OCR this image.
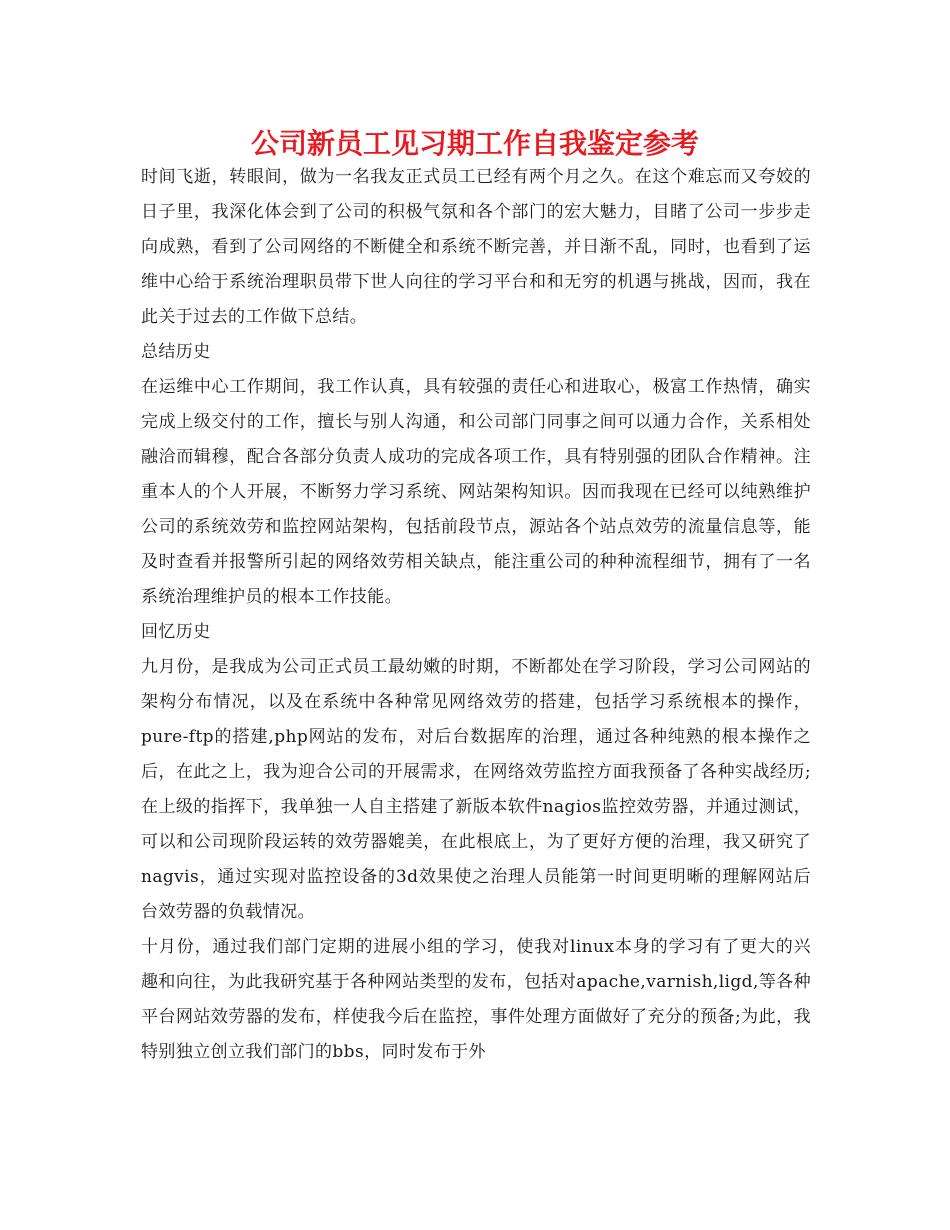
公司新员工见习期工作自我鉴定参考

时间飞逝，转眼间，做为一名我友正式员工已经有两个月之久。在这个难忘而又夸姣的日子里，我深化体会到了公司的积极气氛和各个部门的宏大魅力，目睹了公司一步步走向成熟，看到了公司网络的不断健全和系统不断完善，并日渐不乱，同时，也看到了运维中心给于系统治理职员带下世人向往的学习平台和和无穷的机遇与挑战，因而，我在此关于过去的工作做下总结。

总结历史

在运维中心工作期间，我工作认真，具有较强的责任心和进取心，极富工作热情，确实完成上级交付的工作，擅长与别人沟通，和公司部门同事之间可以通力合作，关系相处融洽而辑穆，配合各部分负责人成功的完成各项工作，具有特别强的团队合作精神。注重本人的个人开展，不断努力学习系统、网站架构知识。因而我现在已经可以纯熟维护公司的系统效劳和监控网站架构，包括前段节点，源站各个站点效劳的流量信息等，能及时查看并报警所引起的网络效劳相关缺点，能注重公司的种种流程细节，拥有了一名系统治理维护员的根本工作技能。

回忆历史

九月份，是我成为公司正式员工最幼嫩的时期，不断都处在学习阶段，学习公司网站的架构分布情况，以及在系统中各种常见网络效劳的搭建，包括学习系统根本的操作，pure-ftp的搭建,php网站的发布，对后台数据库的治理，通过各种纯熟的根本操作之后，在此之上，我为迎合公司的开展需求，在网络效劳监控方面我预备了各种实战经历;在上级的指挥下，我单独一人自主搭建了新版本软件nagios监控效劳器，并通过测试，可以和公司现阶段运转的效劳器媲美，在此根底上，为了更好方便的治理，我又研究了nagvis，通过实现对监控设备的3d效果使之治理人员能第一时间更明晰的理解网站后台效劳器的负载情况。

十月份，通过我们部门定期的进展小组的学习，使我对linux本身的学习有了更大的兴趣和向往，为此我研究基于各种网站类型的发布，包括对apache,varnish,ligd,等各种平台网站效劳器的发布，样使我今后在监控，事件处理方面做好了充分的预备;为此，我特别独立创立我们部门的bbs，同时发布于外
